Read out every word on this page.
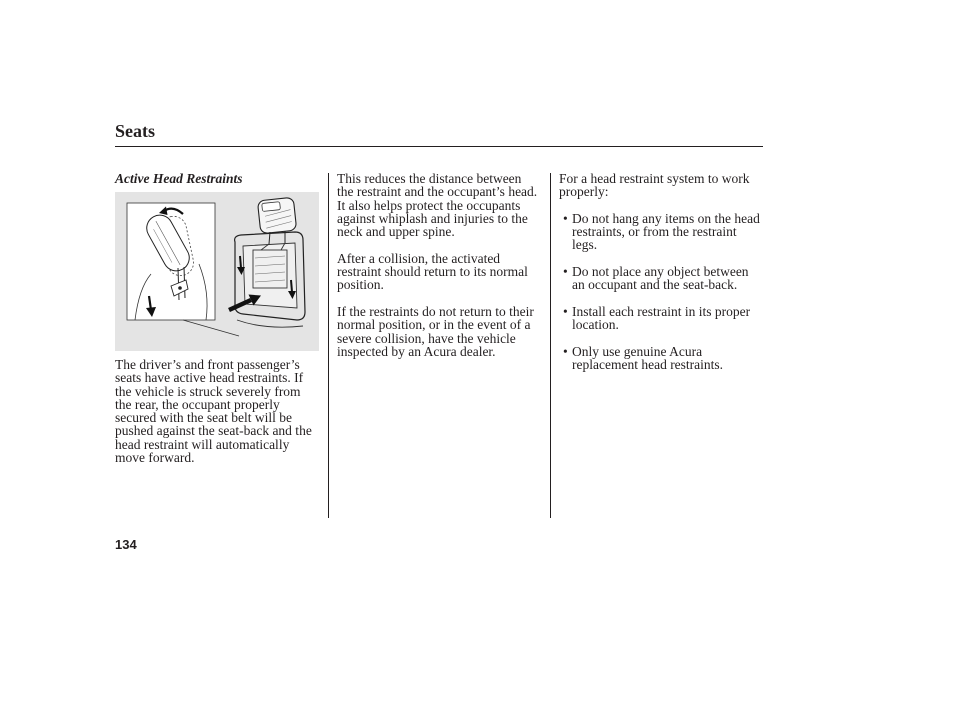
Seats
Active Head Restraints

The driver’s and front passenger’s
seats have active head restraints. If
the vehicle is struck severely from
the rear, the occupant properly
secured with the seat belt will be
pushed against the seat-back and the
head restraint will automatically
move forward.

This reduces the distance between
the restraint and the occupant’s head.
It also helps protect the occupants
against whiplash and injuries to the
neck and upper spine.

After a collision, the activated
restraint should return to its normal
position.

If the restraints do not return to their
normal position, or in the event of a
severe collision, have the vehicle
inspected by an Acura dealer.

For a head restraint system to work
properly:

• Do not hang any items on the head
restraints, or from the restraint
legs.

• Do not place any object between
an occupant and the seat-back.

• Install each restraint in its proper
location.

• Only use genuine Acura
replacement head restraints.

134
